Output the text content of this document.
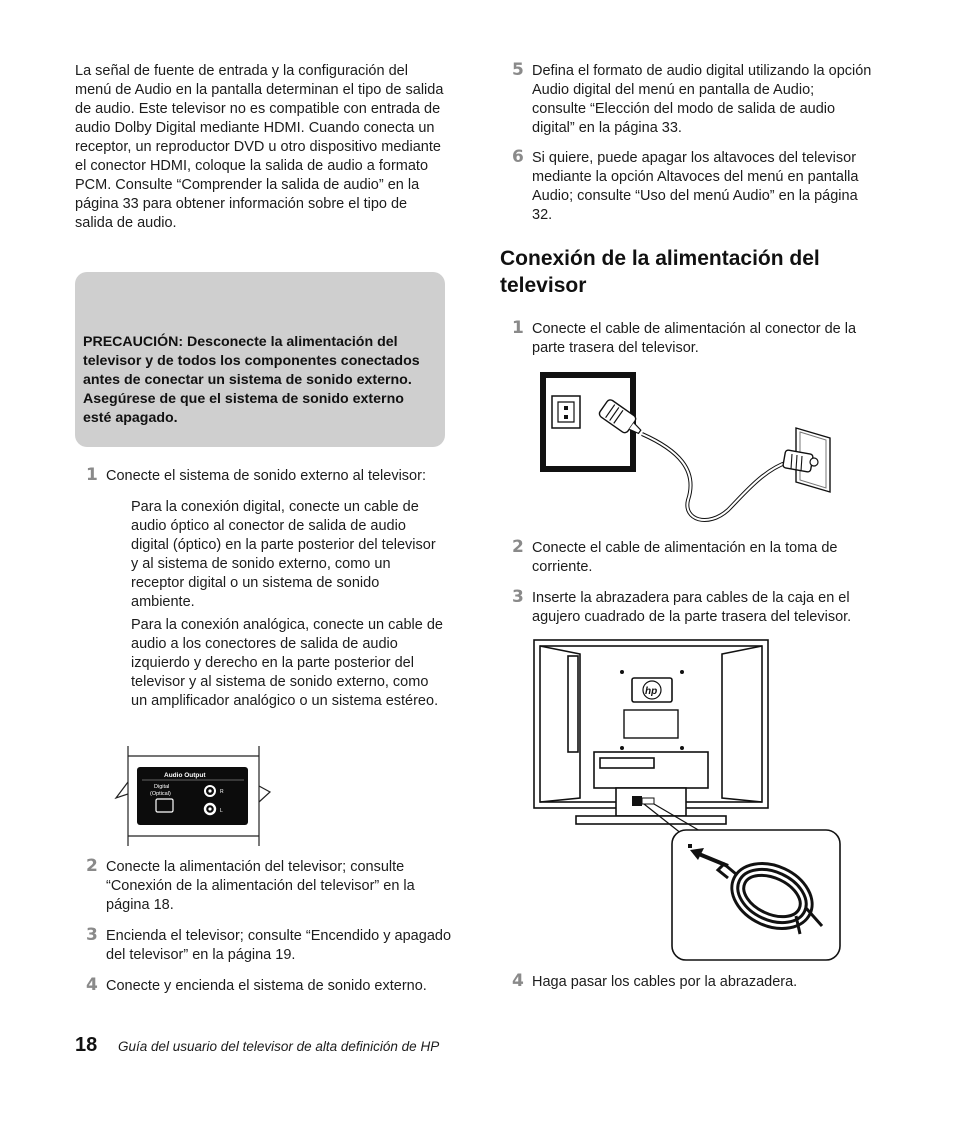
La señal de fuente de entrada y la configuración del menú de Audio en la pantalla determinan el tipo de salida de audio. Este televisor no es compatible con entrada de audio Dolby Digital mediante HDMI. Cuando conecta un receptor, un reproductor DVD u otro dispositivo mediante el conector HDMI, coloque la salida de audio a formato PCM. Consulte “Comprender la salida de audio” en la página 33 para obtener información sobre el tipo de salida de audio.
PRECAUCIÓN: Desconecte la alimentación del televisor y de todos los componentes conectados antes de conectar un sistema de sonido externo. Asegúrese de que el sistema de sonido externo esté apagado.
1 Conecte el sistema de sonido externo al televisor:
Para la conexión digital, conecte un cable de audio óptico al conector de salida de audio digital (óptico) en la parte posterior del televisor y al sistema de sonido externo, como un receptor digital o un sistema de sonido ambiente.
Para la conexión analógica, conecte un cable de audio a los conectores de salida de audio izquierdo y derecho en la parte posterior del televisor y al sistema de sonido externo, como un amplificador analógico o un sistema estéreo.
Audio Output
Digital
(Optical)	R
L
2 Conecte la alimentación del televisor; consulte “Conexión de la alimentación del televisor” en la página 18.
3 Encienda el televisor; consulte “Encendido y apagado del televisor” en la página 19.
4 Conecte y encienda el sistema de sonido externo.
5 Defina el formato de audio digital utilizando la opción Audio digital del menú en pantalla de Audio; consulte “Elección del modo de salida de audio digital” en la página 33.
6 Si quiere, puede apagar los altavoces del televisor mediante la opción Altavoces del menú en pantalla Audio; consulte “Uso del menú Audio” en la página 32.
Conexión de la alimentación del televisor
1 Conecte el cable de alimentación al conector de la parte trasera del televisor.
2 Conecte el cable de alimentación en la toma de corriente.
3 Inserte la abrazadera para cables de la caja en el agujero cuadrado de la parte trasera del televisor.
hp
4 Haga pasar los cables por la abrazadera.
18 Guía del usuario del televisor de alta definición de HP
